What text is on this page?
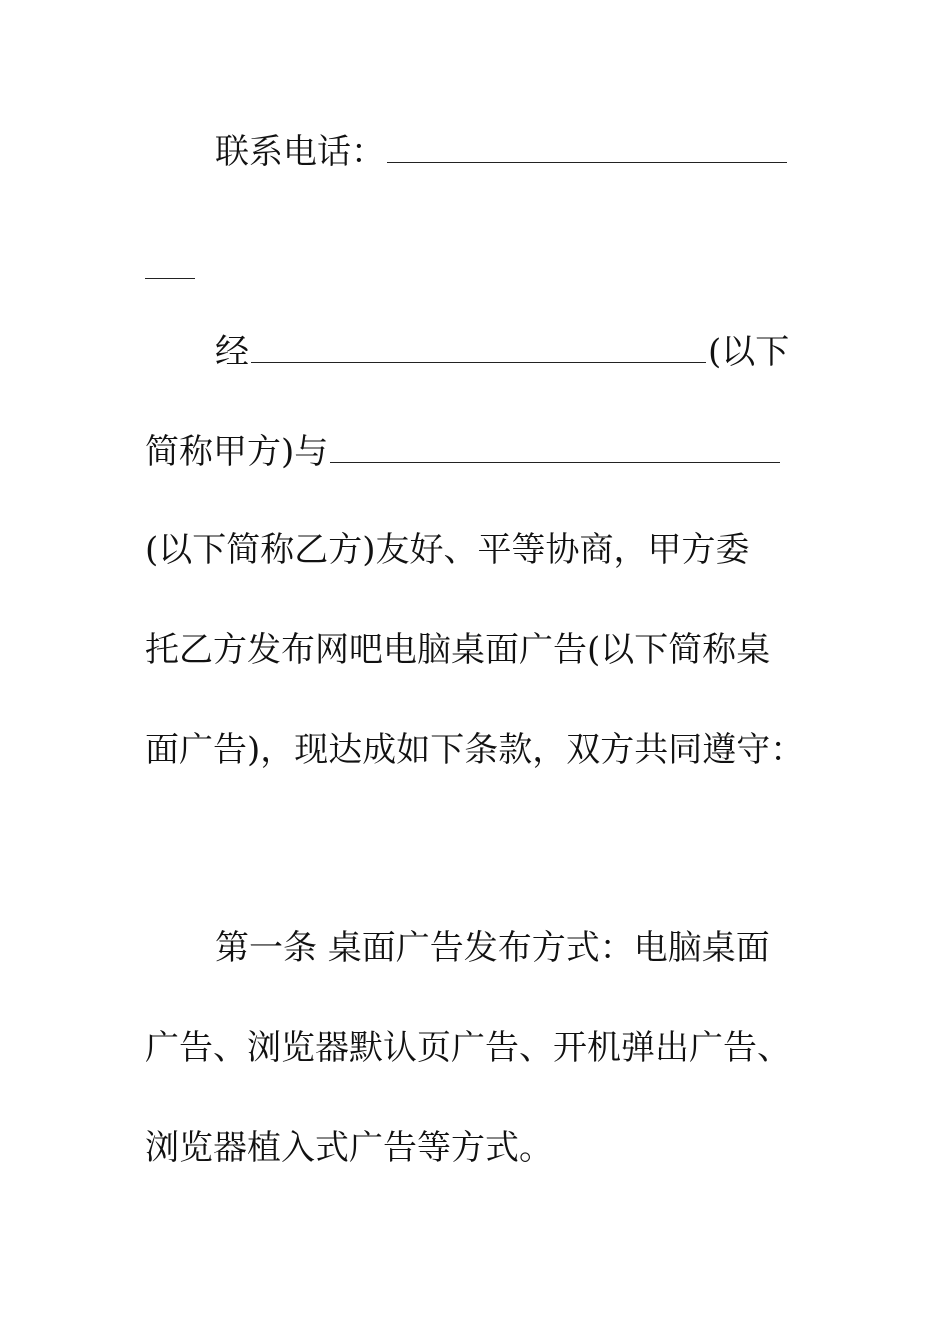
联系电话：
经	(以下
简称甲方)与
(以下简称乙方)友好、平等协商，甲方委
托乙方发布网吧电脑桌面广告(以下简称桌
面广告)，现达成如下条款，双方共同遵守：
第一条 桌面广告发布方式：电脑桌面
广告、浏览器默认页广告、开机弹出广告、
浏览器植入式广告等方式。
